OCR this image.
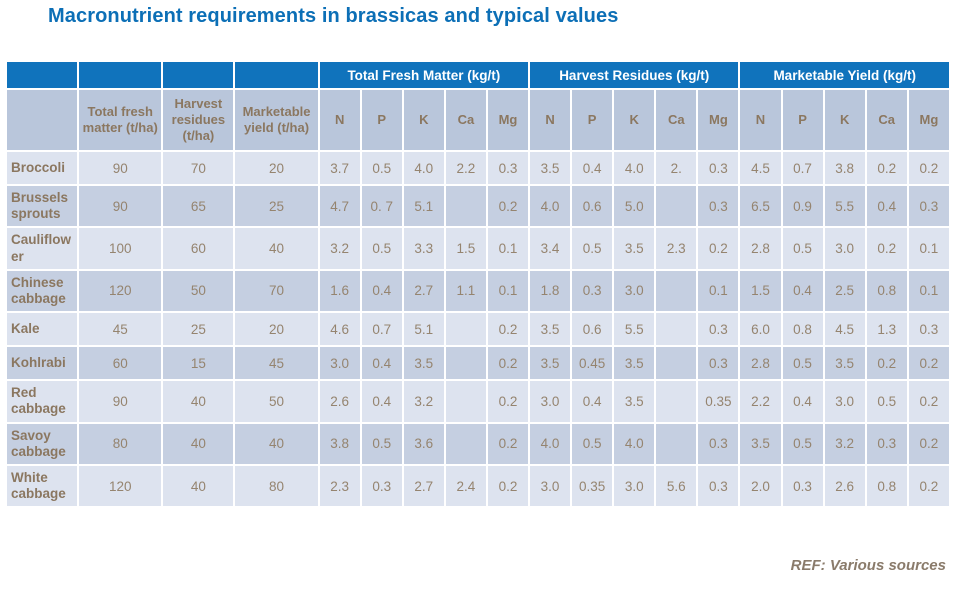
Macronutrient requirements in brassicas and typical values
				Total Fresh Matter (kg/t)					Harvest Residues (kg/t)					Marketable Yield (kg/t)				
	Total fresh matter (t/ha)	Harvest residues (t/ha)	Marketable yield (t/ha)	N	P	K	Ca	Mg	N	P	K	Ca	Mg	N	P	K	Ca	Mg
Broccoli	90	70	20	3.7	0.5	4.0	2.2	0.3	3.5	0.4	4.0	2.	0.3	4.5	0.7	3.8	0.2	0.2
Brussels sprouts	90	65	25	4.7	0. 7	5.1		0.2	4.0	0.6	5.0		0.3	6.5	0.9	5.5	0.4	0.3
Cauliflower	100	60	40	3.2	0.5	3.3	1.5	0.1	3.4	0.5	3.5	2.3	0.2	2.8	0.5	3.0	0.2	0.1
Chinese cabbage	120	50	70	1.6	0.4	2.7	1.1	0.1	1.8	0.3	3.0		0.1	1.5	0.4	2.5	0.8	0.1
Kale	45	25	20	4.6	0.7	5.1		0.2	3.5	0.6	5.5		0.3	6.0	0.8	4.5	1.3	0.3
Kohlrabi	60	15	45	3.0	0.4	3.5		0.2	3.5	0.45	3.5		0.3	2.8	0.5	3.5	0.2	0.2
Red cabbage	90	40	50	2.6	0.4	3.2		0.2	3.0	0.4	3.5		0.35	2.2	0.4	3.0	0.5	0.2
Savoy cabbage	80	40	40	3.8	0.5	3.6		0.2	4.0	0.5	4.0		0.3	3.5	0.5	3.2	0.3	0.2
White cabbage	120	40	80	2.3	0.3	2.7	2.4	0.2	3.0	0.35	3.0	5.6	0.3	2.0	0.3	2.6	0.8	0.2
REF: Various sources
